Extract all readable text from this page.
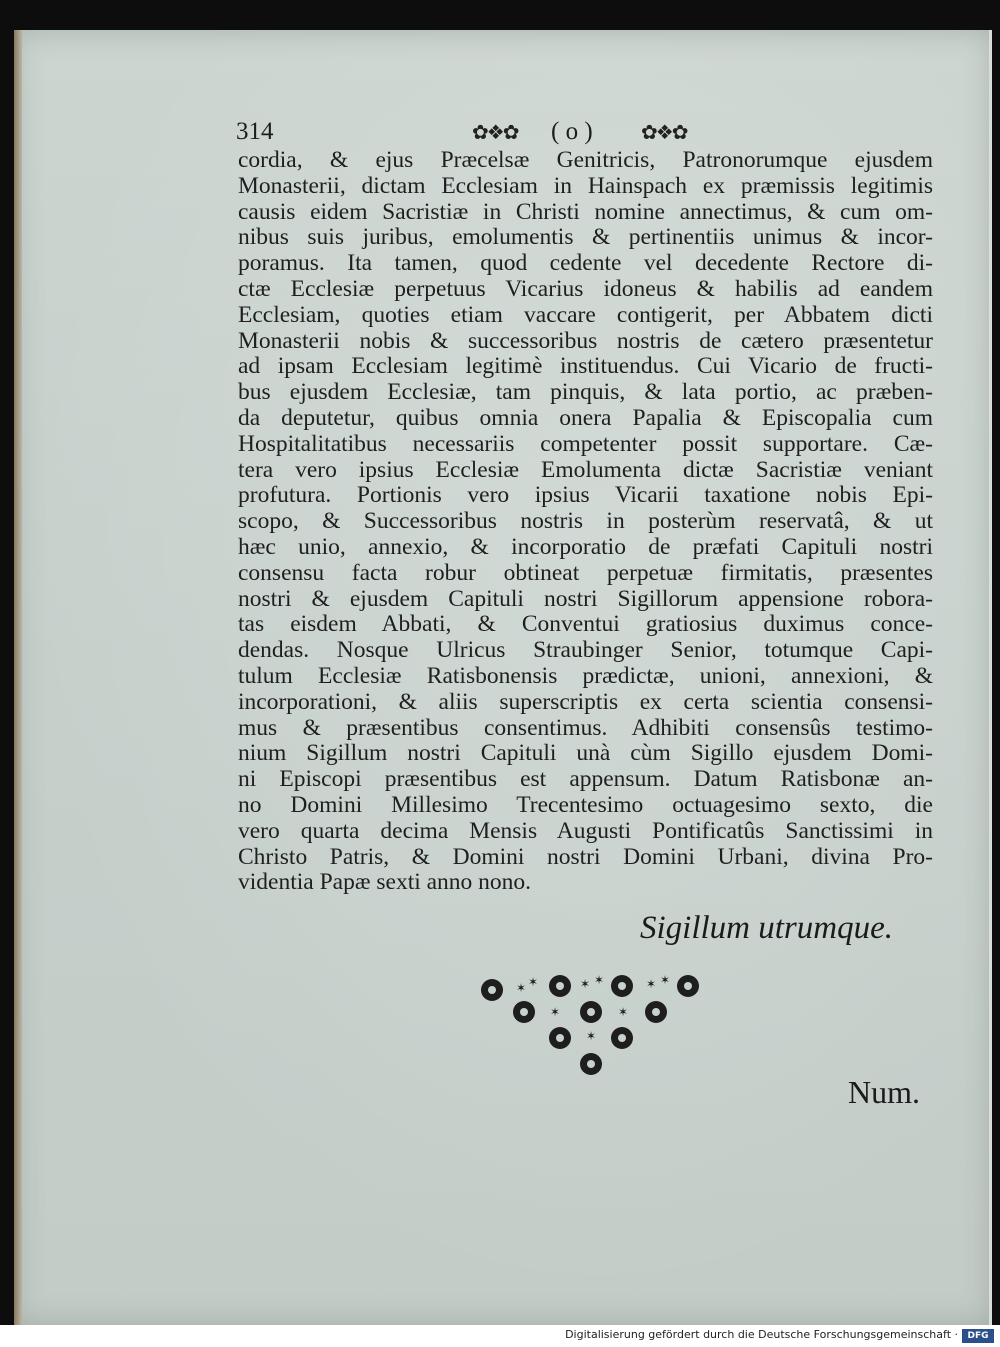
314	✿❖✿ ( o ) ✿❖✿
cordia, & ejus Præcelsæ Genitricis, Patronorumque ejusdem
Monasterii, dictam Ecclesiam in Hainspach ex præmissis legitimis
causis eidem Sacristiæ in Christi nomine annectimus, & cum om-
nibus suis juribus, emolumentis & pertinentiis unimus & incor-
poramus. Ita tamen, quod cedente vel decedente Rectore di-
ctæ Ecclesiæ perpetuus Vicarius idoneus & habilis ad eandem
Ecclesiam, quoties etiam vaccare contigerit, per Abbatem dicti
Monasterii nobis & successoribus nostris de cætero præsentetur
ad ipsam Ecclesiam legitimè instituendus. Cui Vicario de fructi-
bus ejusdem Ecclesiæ, tam pinquis, & lata portio, ac præben-
da deputetur, quibus omnia onera Papalia & Episcopalia cum
Hospitalitatibus necessariis competenter possit supportare. Cæ-
tera vero ipsius Ecclesiæ Emolumenta dictæ Sacristiæ veniant
profutura. Portionis vero ipsius Vicarii taxatione nobis Epi-
scopo, & Successoribus nostris in posterùm reservatâ, & ut
hæc unio, annexio, & incorporatio de præfati Capituli nostri
consensu facta robur obtineat perpetuæ firmitatis, præsentes
nostri & ejusdem Capituli nostri Sigillorum appensione robora-
tas eisdem Abbati, & Conventui gratiosius duximus conce-
dendas. Nosque Ulricus Straubinger Senior, totumque Capi-
tulum Ecclesiæ Ratisbonensis prædictæ, unioni, annexioni, &
incorporationi, & aliis superscriptis ex certa scientia consensi-
mus & præsentibus consentimus. Adhibiti consensûs testimo-
nium Sigillum nostri Capituli unà cùm Sigillo ejusdem Domi-
ni Episcopi præsentibus est appensum. Datum Ratisbonæ an-
no Domini Millesimo Trecentesimo octuagesimo sexto, die
vero quarta decima Mensis Augusti Pontificatûs Sanctissimi in
Christo Patris, & Domini nostri Domini Urbani, divina Pro-
videntia Papæ sexti anno nono.
Sigillum utrumque.
✶ ✶	✶ ✶	✶ ✶
✶	✶
✶
Num.
Digitalisierung gefördert durch die Deutsche Forschungsgemeinschaft ·	DFG
